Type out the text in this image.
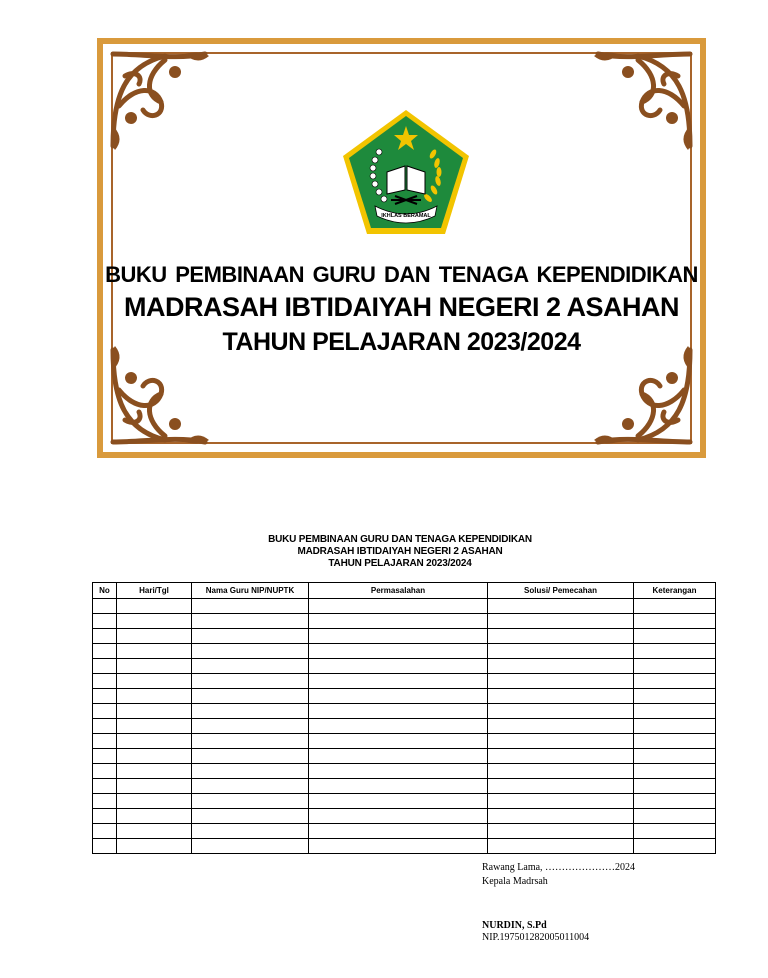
IKHLAS BERAMAL
BUKU PEMBINAAN GURU DAN TENAGA KEPENDIDIKAN
MADRASAH IBTIDAIYAH NEGERI 2 ASAHAN
TAHUN PELAJARAN 2023/2024
BUKU PEMBINAAN GURU DAN TENAGA KEPENDIDIKAN
MADRASAH IBTIDAIYAH NEGERI 2 ASAHAN
TAHUN PELAJARAN 2023/2024
No	Hari/Tgl	Nama Guru NIP/NUPTK	Permasalahan	Solusi/ Pemecahan	Keterangan

Rawang Lama, …………………2024
Kepala Madrsah
NURDIN, S.Pd
NIP.197501282005011004
